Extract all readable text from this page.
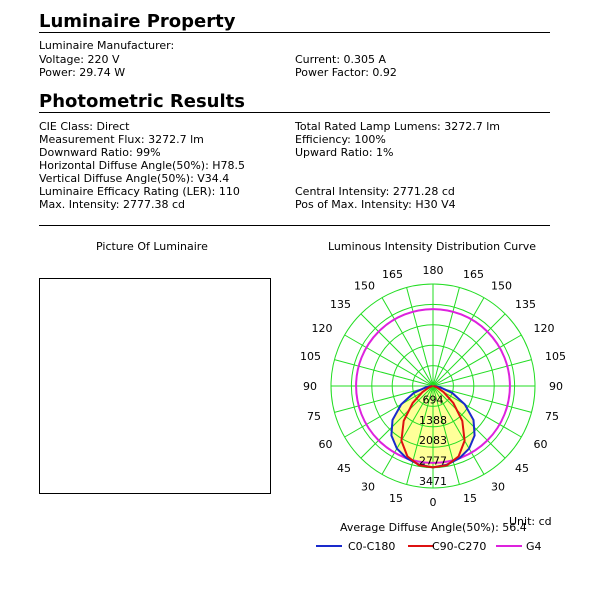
Luminaire Property
Luminaire Manufacturer:
Voltage: 220 V
Power: 29.74 W
Current: 0.305 A
Power Factor: 0.92
Photometric Results
CIE Class: Direct
Measurement Flux: 3272.7 lm
Downward Ratio: 99%
Horizontal Diffuse Angle(50%): H78.5
Vertical Diffuse Angle(50%): V34.4
Luminaire Efficacy Rating (LER): 110
Max. Intensity: 2777.38 cd
Total Rated Lamp Lumens: 3272.7 lm
Efficiency: 100%
Upward Ratio: 1%
Central Intensity: 2771.28 cd
Pos of Max. Intensity: H30 V4
Picture Of Luminaire	Luminous Intensity Distribution Curve
694
1388
2083
2777
3471
180
165
150
135
120
105
90
75
60
45
30
15 0
165
150
135
120
105
90
75
60
45
30
15
Unit: cd
Average Diffuse Angle(50%): 56.4
C0-C180	C90-C270	G4
